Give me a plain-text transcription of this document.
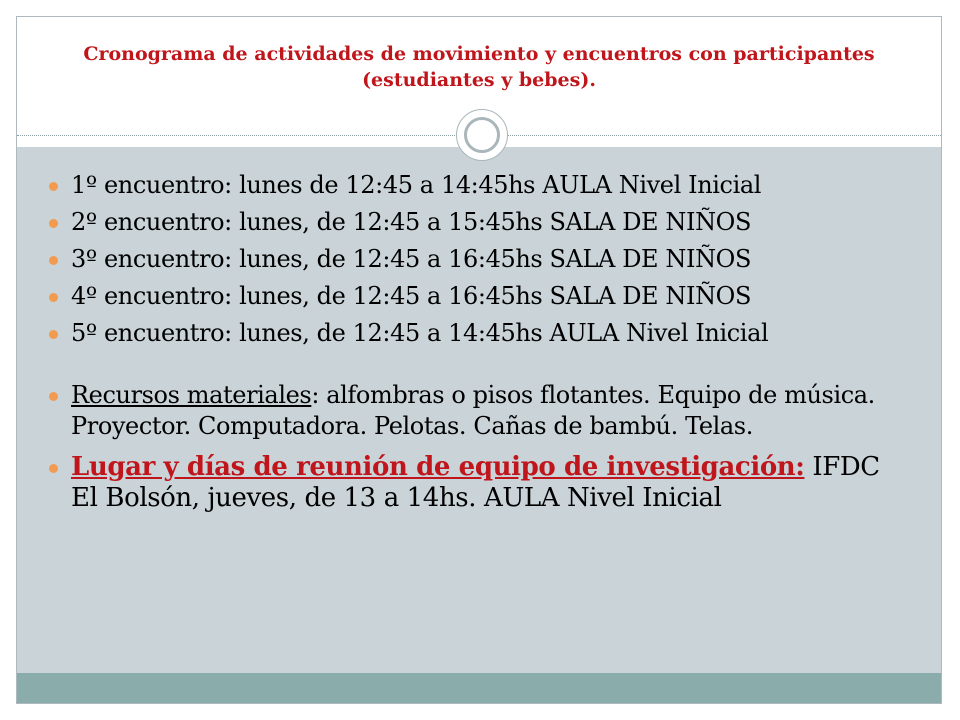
Cronograma de actividades de movimiento y encuentros con participantes (estudiantes y bebes).
1º encuentro: lunes de 12:45 a 14:45hs AULA Nivel Inicial
2º encuentro: lunes, de 12:45 a 15:45hs SALA DE NIÑOS
3º encuentro: lunes, de 12:45 a 16:45hs SALA DE NIÑOS
4º encuentro: lunes, de 12:45 a 16:45hs SALA DE NIÑOS
5º encuentro: lunes, de 12:45 a 14:45hs AULA Nivel Inicial
Recursos materiales: alfombras o pisos flotantes. Equipo de música. Proyector. Computadora. Pelotas. Cañas de bambú. Telas.
Lugar y días de reunión de equipo de investigación: IFDC El Bolsón, jueves, de 13 a 14hs. AULA Nivel Inicial
